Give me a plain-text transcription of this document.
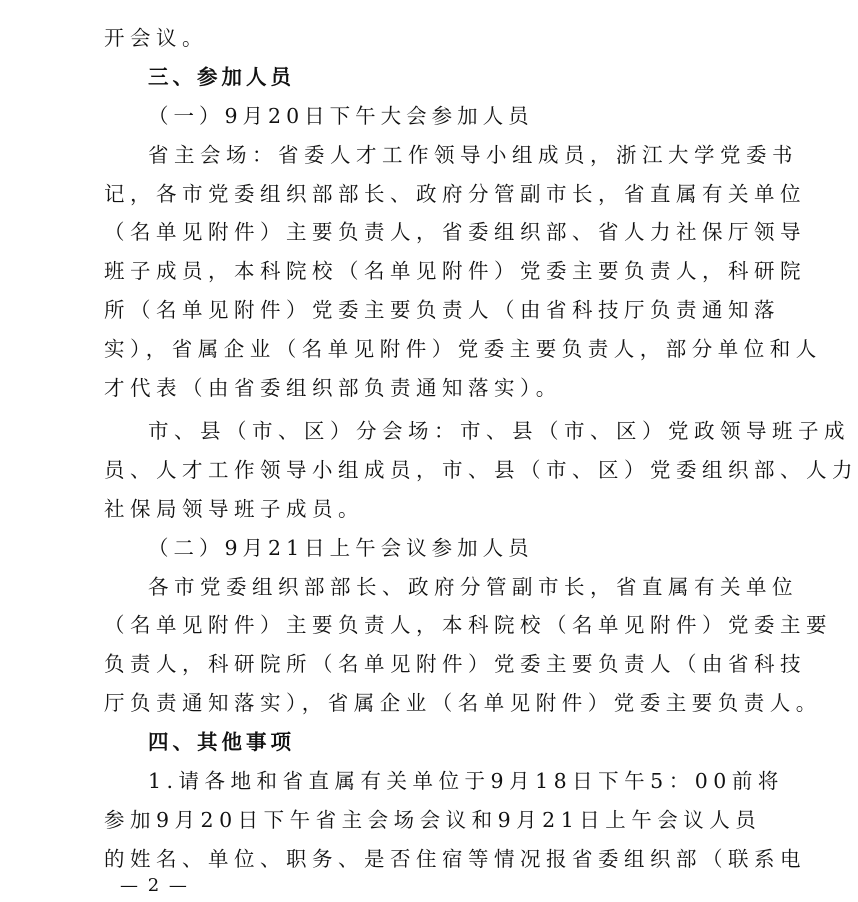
开会议。
三、参加人员
（一）9月20日下午大会参加人员
省主会场：省委人才工作领导小组成员，浙江大学党委书
记，各市党委组织部部长、政府分管副市长，省直属有关单位
（名单见附件）主要负责人，省委组织部、省人力社保厅领导
班子成员，本科院校（名单见附件）党委主要负责人，科研院
所（名单见附件）党委主要负责人（由省科技厅负责通知落
实），省属企业（名单见附件）党委主要负责人，部分单位和人
才代表（由省委组织部负责通知落实）。
市、县（市、区）分会场：市、县（市、区）党政领导班子成
员、人才工作领导小组成员，市、县（市、区）党委组织部、人力
社保局领导班子成员。
（二）9月21日上午会议参加人员
各市党委组织部部长、政府分管副市长，省直属有关单位
（名单见附件）主要负责人，本科院校（名单见附件）党委主要
负责人，科研院所（名单见附件）党委主要负责人（由省科技
厅负责通知落实），省属企业（名单见附件）党委主要负责人。
四、其他事项
1.请各地和省直属有关单位于9月18日下午5：00前将
参加9月20日下午省主会场会议和9月21日上午会议人员
的姓名、单位、职务、是否住宿等情况报省委组织部（联系电
— 2 —
